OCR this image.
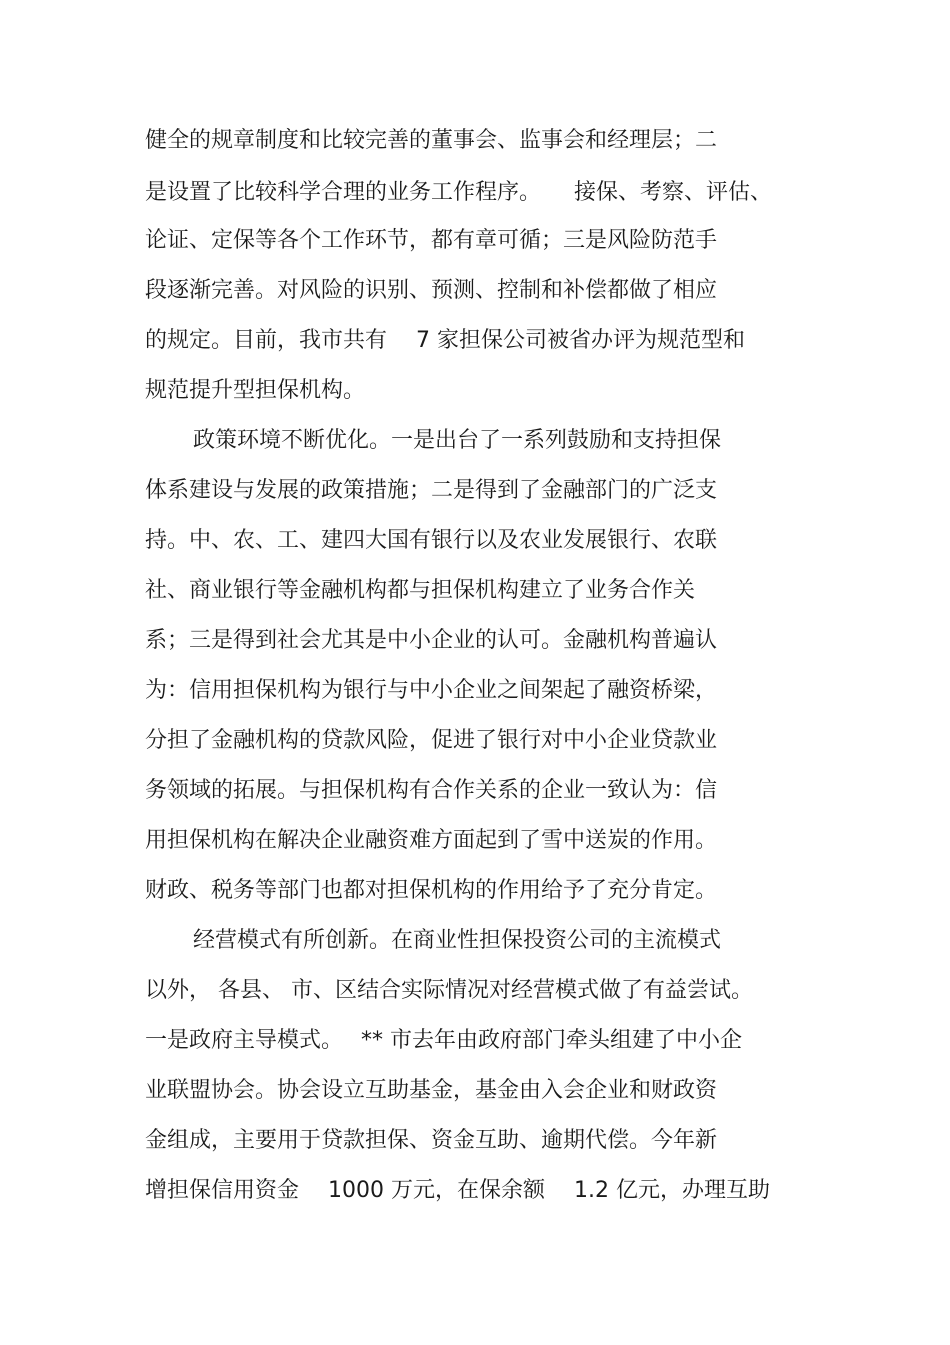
健全的规章制度和比较完善的董事会、监事会和经理层；二
是设置了比较科学合理的业务工作程序。　　接保、考察、评估、
论证、定保等各个工作环节，都有章可循；三是风险防范手
段逐渐完善。对风险的识别、预测、控制和补偿都做了相应
的规定。目前，我市共有　 7 家担保公司被省办评为规范型和
规范提升型担保机构。
政策环境不断优化。一是出台了一系列鼓励和支持担保
体系建设与发展的政策措施；二是得到了金融部门的广泛支
持。中、农、工、建四大国有银行以及农业发展银行、农联
社、商业银行等金融机构都与担保机构建立了业务合作关
系；三是得到社会尤其是中小企业的认可。金融机构普遍认
为：信用担保机构为银行与中小企业之间架起了融资桥梁，
分担了金融机构的贷款风险，促进了银行对中小企业贷款业
务领域的拓展。与担保机构有合作关系的企业一致认为：信
用担保机构在解决企业融资难方面起到了雪中送炭的作用。
财政、税务等部门也都对担保机构的作用给予了充分肯定。
经营模式有所创新。在商业性担保投资公司的主流模式
以外， 各县、 市、区结合实际情况对经营模式做了有益尝试。
一是政府主导模式。　 ** 市去年由政府部门牵头组建了中小企
业联盟协会。协会设立互助基金，基金由入会企业和财政资
金组成，主要用于贷款担保、资金互助、逾期代偿。今年新
增担保信用资金　 1000 万元，在保余额　 1.2 亿元，办理互助
